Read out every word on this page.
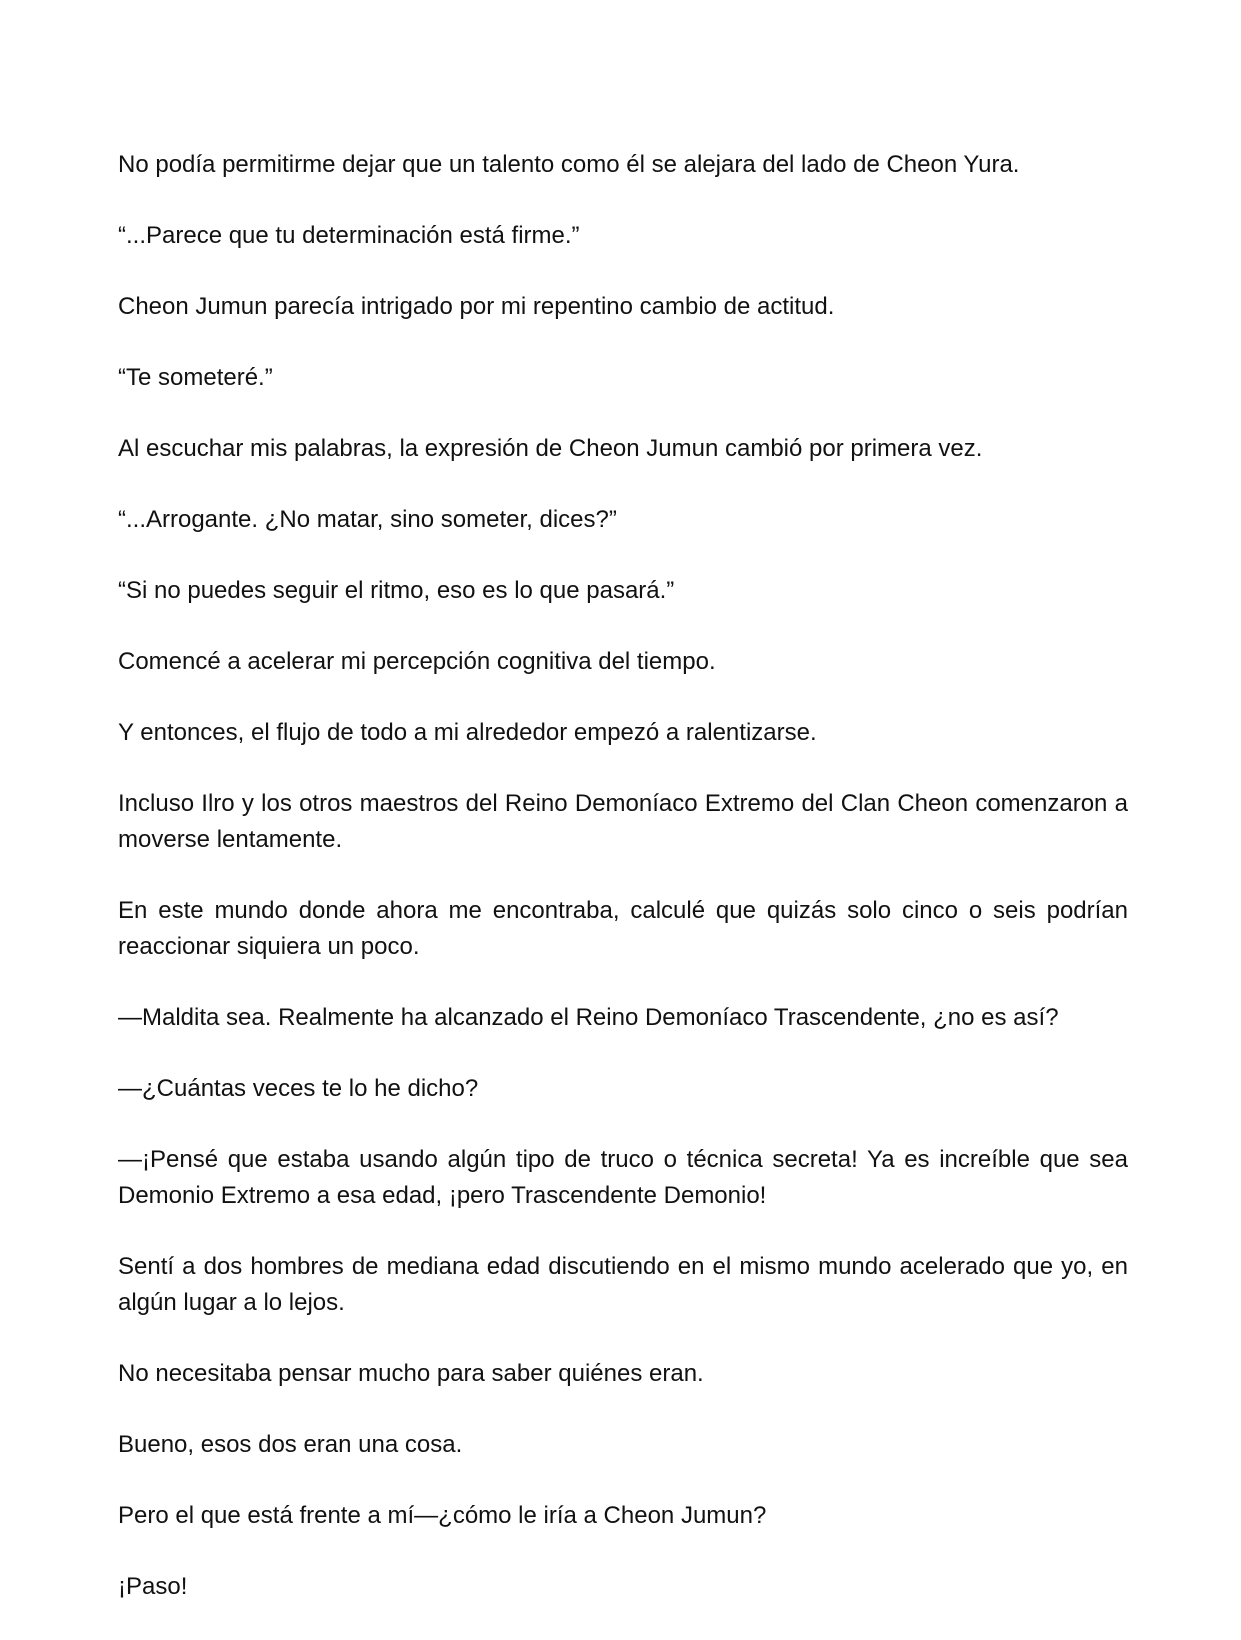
No podía permitirme dejar que un talento como él se alejara del lado de Cheon Yura.

“...Parece que tu determinación está firme.”

Cheon Jumun parecía intrigado por mi repentino cambio de actitud.

“Te someteré.”

Al escuchar mis palabras, la expresión de Cheon Jumun cambió por primera vez.

“...Arrogante. ¿No matar, sino someter, dices?”

“Si no puedes seguir el ritmo, eso es lo que pasará.”

Comencé a acelerar mi percepción cognitiva del tiempo.

Y entonces, el flujo de todo a mi alrededor empezó a ralentizarse.

Incluso Ilro y los otros maestros del Reino Demoníaco Extremo del Clan Cheon comenzaron a moverse lentamente.

En este mundo donde ahora me encontraba, calculé que quizás solo cinco o seis podrían reaccionar siquiera un poco.

—Maldita sea. Realmente ha alcanzado el Reino Demoníaco Trascendente, ¿no es así?

—¿Cuántas veces te lo he dicho?

—¡Pensé que estaba usando algún tipo de truco o técnica secreta! Ya es increíble que sea Demonio Extremo a esa edad, ¡pero Trascendente Demonio!

Sentí a dos hombres de mediana edad discutiendo en el mismo mundo acelerado que yo, en algún lugar a lo lejos.

No necesitaba pensar mucho para saber quiénes eran.

Bueno, esos dos eran una cosa.

Pero el que está frente a mí—¿cómo le iría a Cheon Jumun?

¡Paso!
